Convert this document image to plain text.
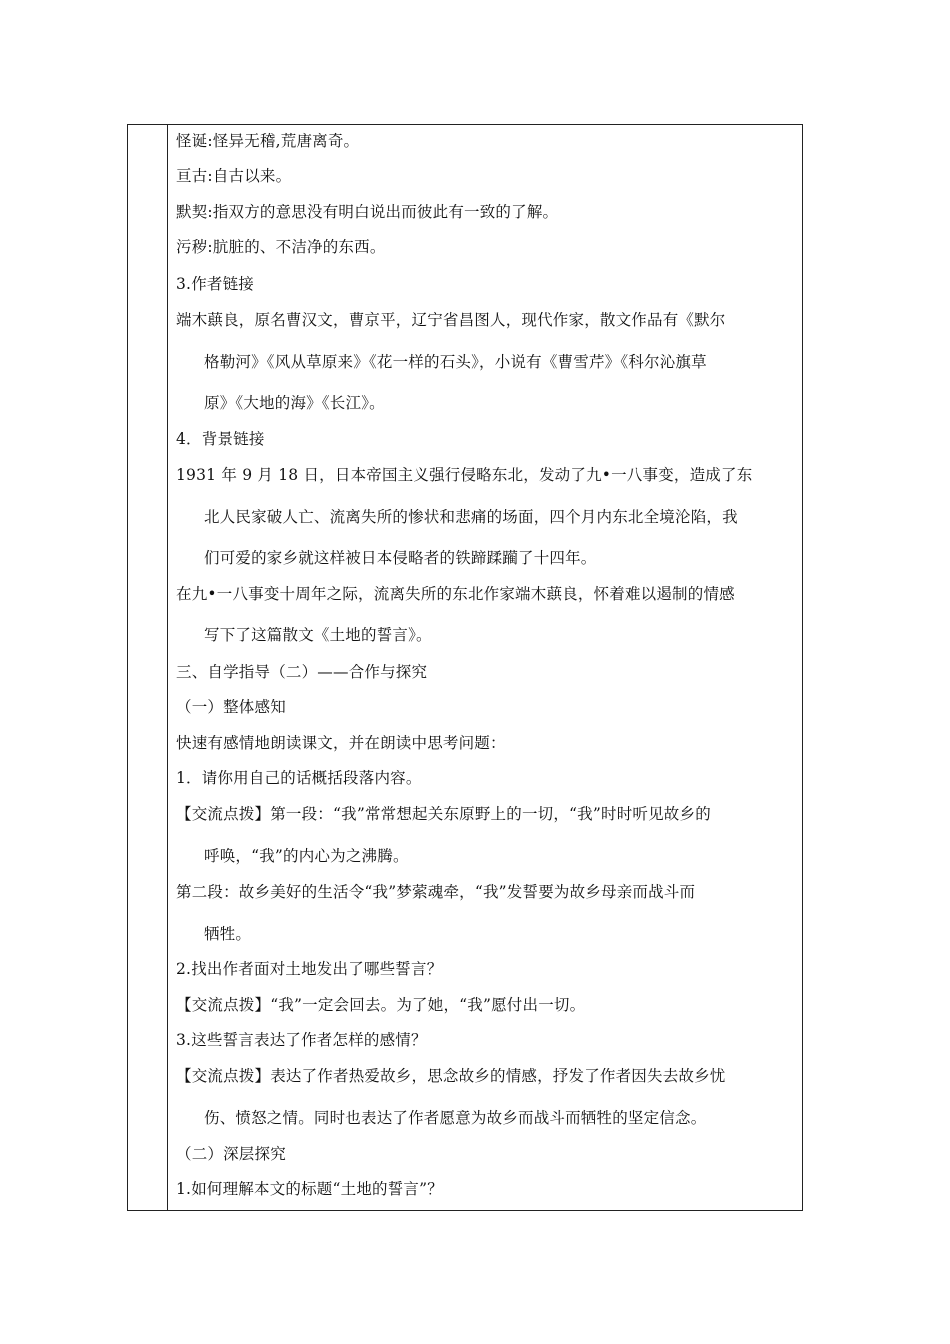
怪诞:怪异无稽,荒唐离奇。
亘古:自古以来。
默契:指双方的意思没有明白说出而彼此有一致的了解。
污秽:肮脏的、不洁净的东西。
3.作者链接
端木蕻良，原名曹汉文，曹京平，辽宁省昌图人，现代作家，散文作品有《默尔
格勒河》《风从草原来》《花一样的石头》，小说有《曹雪芹》《科尔沁旗草
原》《大地的海》《长江》。
4．背景链接
1931 年 9 月 18 日，日本帝国主义强行侵略东北，发动了九•一八事变，造成了东
北人民家破人亡、流离失所的惨状和悲痛的场面，四个月内东北全境沦陷，我
们可爱的家乡就这样被日本侵略者的铁蹄蹂躏了十四年。
在九•一八事变十周年之际，流离失所的东北作家端木蕻良，怀着难以遏制的情感
写下了这篇散文《土地的誓言》。
三、自学指导（二）——合作与探究
（一）整体感知
快速有感情地朗读课文，并在朗读中思考问题：
1．请你用自己的话概括段落内容。
【交流点拨】第一段：“我”常常想起关东原野上的一切，“我”时时听见故乡的
呼唤，“我”的内心为之沸腾。
第二段：故乡美好的生活令“我”梦萦魂牵，“我”发誓要为故乡母亲而战斗而
牺牲。
2.找出作者面对土地发出了哪些誓言？
【交流点拨】“我”一定会回去。为了她，“我”愿付出一切。
3.这些誓言表达了作者怎样的感情？
【交流点拨】表达了作者热爱故乡，思念故乡的情感，抒发了作者因失去故乡忧
伤、愤怒之情。同时也表达了作者愿意为故乡而战斗而牺牲的坚定信念。
（二）深层探究
1.如何理解本文的标题“土地的誓言”？
